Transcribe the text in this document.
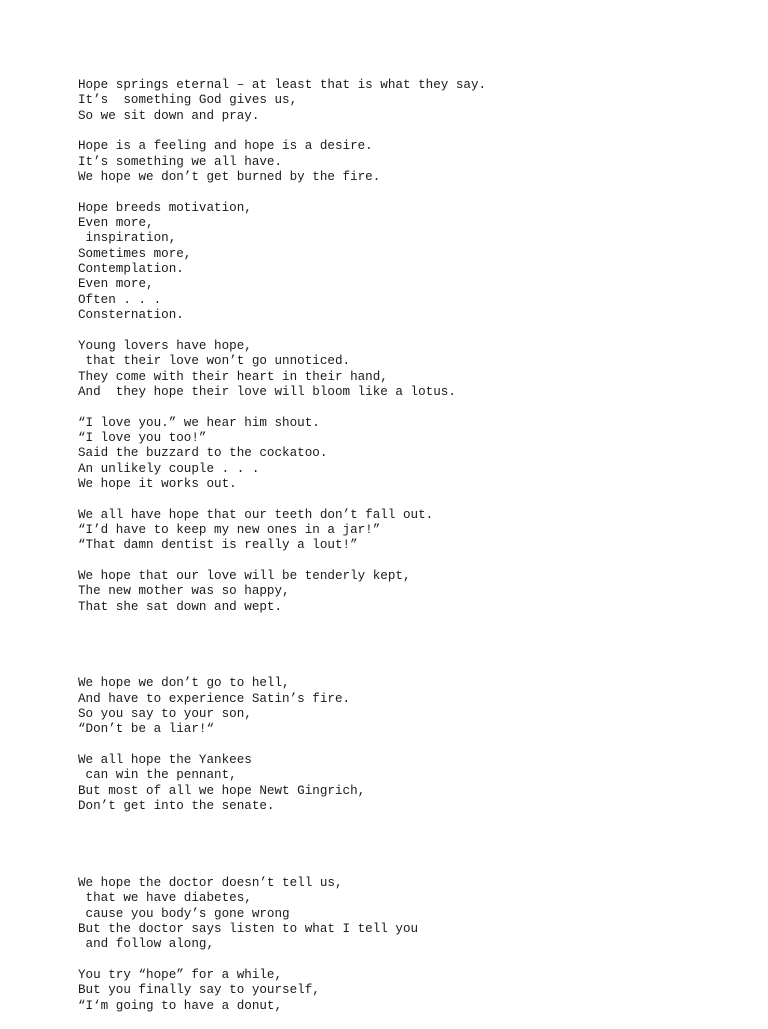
Hope springs eternal – at least that is what they say.
It’s  something God gives us,
So we sit down and pray.
Hope is a feeling and hope is a desire.
It’s something we all have.
We hope we don’t get burned by the fire.
Hope breeds motivation,
Even more,
inspiration,
Sometimes more,
Contemplation.
Even more,
Often . . .
Consternation.
Young lovers have hope,
that their love won’t go unnoticed.
They come with their heart in their hand,
And  they hope their love will bloom like a lotus.
“I love you.” we hear him shout.
“I love you too!”
Said the buzzard to the cockatoo.
An unlikely couple . . .
We hope it works out.
We all have hope that our teeth don’t fall out.
“I’d have to keep my new ones in a jar!”
“That damn dentist is really a lout!”
We hope that our love will be tenderly kept,
The new mother was so happy,
That she sat down and wept.
We hope we don’t go to hell,
And have to experience Satin’s fire.
So you say to your son,
“Don’t be a liar!“
We all hope the Yankees
can win the pennant,
But most of all we hope Newt Gingrich,
Don’t get into the senate.
We hope the doctor doesn’t tell us,
that we have diabetes,
cause you body’s gone wrong
But the doctor says listen to what I tell you
and follow along,
You try “hope” for a while,
But you finally say to yourself,
“I‘m going to have a donut,
